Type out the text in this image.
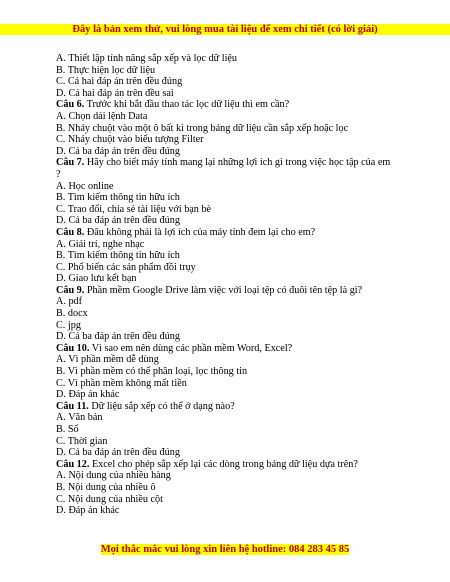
Đây là bản xem thử, vui lòng mua tài liệu để xem chi tiết (có lời giải)
A. Thiết lập tính năng sắp xếp và lọc dữ liệu
B. Thực hiện lọc dữ liệu
C. Cả hai đáp án trên đều đúng
D. Cả hai đáp án trên đều sai
Câu 6. Trước khi bắt đầu thao tác lọc dữ liệu thì em cần?
A. Chọn dải lệnh Data
B. Nháy chuột vào một ô bất kì trong bảng dữ liệu cần sắp xếp hoặc lọc
C. Nháy chuột vào biểu tượng Filter
D. Cả ba đáp án trên đều đúng
Câu 7. Hãy cho biết máy tính mang lại những lợi ích gì trong việc học tập của em ?
A. Học online
B. Tìm kiếm thông tin hữu ích
C. Trao đổi, chia sẻ tài liệu với bạn bè
D. Cả ba đáp án trên đều đúng
Câu 8. Đâu không phải là lợi ích của máy tính đem lại cho em?
A. Giải trí, nghe nhạc
B. Tìm kiếm thông tin hữu ích
C. Phổ biến các sản phẩm đồi trụy
D. Giao lưu kết bạn
Câu 9. Phần mềm Google Drive làm việc với loại tệp có đuôi tên tệp là gì?
A. pdf
B. docx
C. jpg
D. Cả ba đáp án trên đều đúng
Câu 10. Vì sao em nên dùng các phần mềm Word, Excel?
A. Vì phần mềm dễ dùng
B. Vì phần mềm có thể phân loại, lọc thông tin
C. Vì phần mềm không mất tiền
D. Đáp án khác
Câu 11. Dữ liệu sắp xếp có thể ở dạng nào?
A. Văn bản
B. Số
C. Thời gian
D. Cả ba đáp án trên đều đúng
Câu 12. Excel cho phép sắp xếp lại các dòng trong bảng dữ liệu dựa trên?
A. Nội dung của nhiều hàng
B. Nội dung của nhiều ô
C. Nội dung của nhiều cột
D. Đáp án khác
Mọi thắc mắc vui lòng xin liên hệ hotline: 084 283 45 85
